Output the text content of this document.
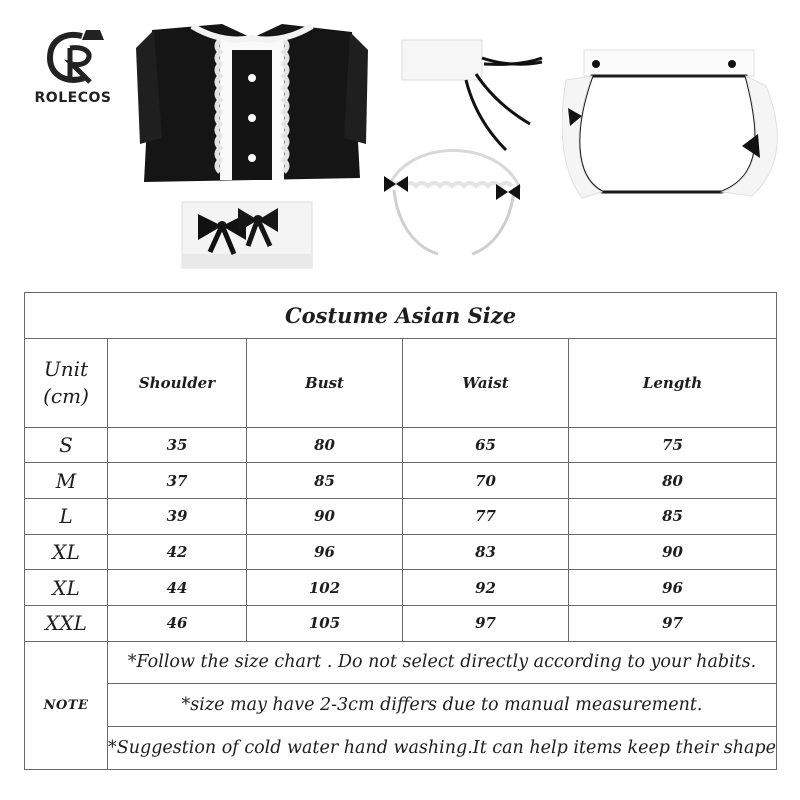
ROLECOS
Costume Asian Size				
Unit
(cm)	Shoulder	Bust	Waist	Length
S	35	80	65	75
M	37	85	70	80
L	39	90	77	85
XL	42	96	83	90
XL	44	102	92	96
XXL	46	105	97	97
NOTE	*Follow the size chart . Do not select directly according to your habits.			
	*size may have 2-3cm differs due to manual measurement.			
	*Suggestion of cold water hand washing.It can help items keep their shape			
